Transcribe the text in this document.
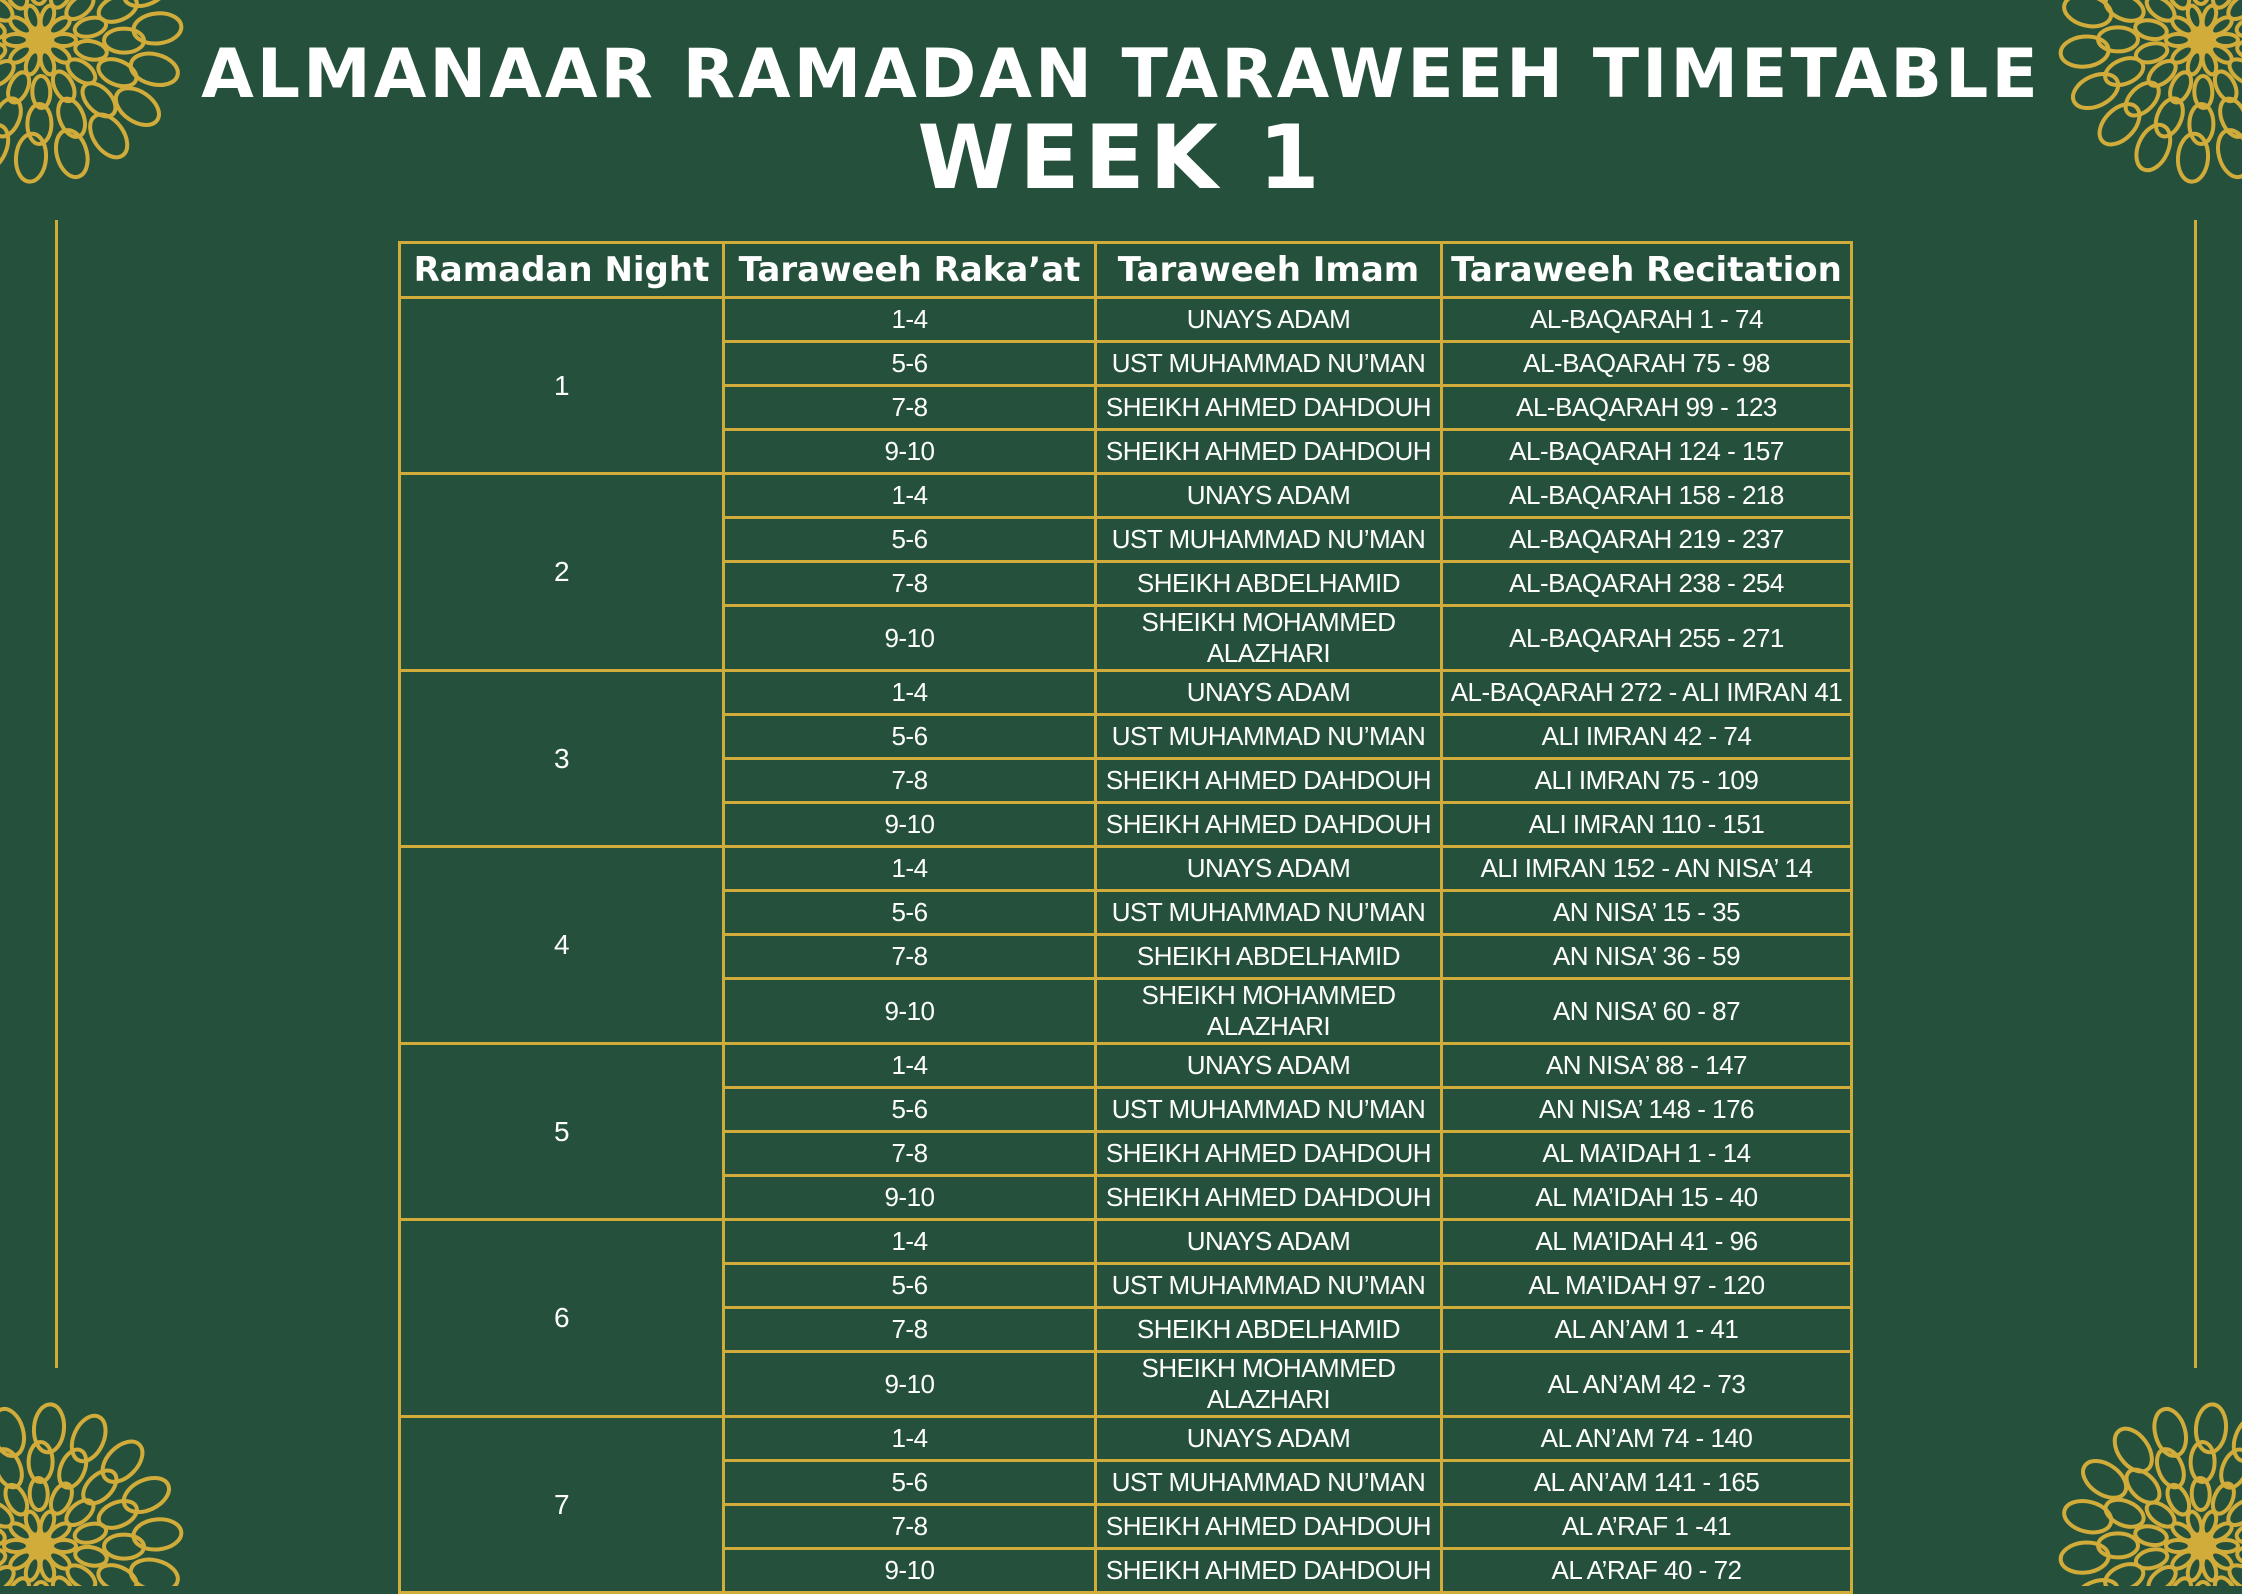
ALMANAAR RAMADAN TARAWEEH TIMETABLE
WEEK 1
Ramadan Night	Taraweeh Raka’at	Taraweeh Imam	Taraweeh Recitation
1	1-4	UNAYS ADAM	AL-BAQARAH 1 - 74
	5-6	UST MUHAMMAD NU’MAN	AL-BAQARAH 75 - 98
	7-8	SHEIKH AHMED DAHDOUH	AL-BAQARAH 99 - 123
	9-10	SHEIKH AHMED DAHDOUH	AL-BAQARAH 124 - 157
2	1-4	UNAYS ADAM	AL-BAQARAH 158 - 218
	5-6	UST MUHAMMAD NU’MAN	AL-BAQARAH 219 - 237
	7-8	SHEIKH ABDELHAMID	AL-BAQARAH 238 - 254
	9-10	SHEIKH MOHAMMED ALAZHARI	AL-BAQARAH 255 - 271
3	1-4	UNAYS ADAM	AL-BAQARAH 272 - ALI IMRAN 41
	5-6	UST MUHAMMAD NU’MAN	ALI IMRAN 42 - 74
	7-8	SHEIKH AHMED DAHDOUH	ALI IMRAN 75 - 109
	9-10	SHEIKH AHMED DAHDOUH	ALI IMRAN 110 - 151
4	1-4	UNAYS ADAM	ALI IMRAN 152 - AN NISA’ 14
	5-6	UST MUHAMMAD NU’MAN	AN NISA’ 15 - 35
	7-8	SHEIKH ABDELHAMID	AN NISA’ 36 - 59
	9-10	SHEIKH MOHAMMED ALAZHARI	AN NISA’ 60 - 87
5	1-4	UNAYS ADAM	AN NISA’ 88 - 147
	5-6	UST MUHAMMAD NU’MAN	AN NISA’ 148 - 176
	7-8	SHEIKH AHMED DAHDOUH	AL MA’IDAH 1 - 14
	9-10	SHEIKH AHMED DAHDOUH	AL MA’IDAH 15 - 40
6	1-4	UNAYS ADAM	AL MA’IDAH 41 - 96
	5-6	UST MUHAMMAD NU’MAN	AL MA’IDAH 97 - 120
	7-8	SHEIKH ABDELHAMID	AL AN’AM 1 - 41
	9-10	SHEIKH MOHAMMED ALAZHARI	AL AN’AM 42 - 73
7	1-4	UNAYS ADAM	AL AN’AM 74 - 140
	5-6	UST MUHAMMAD NU’MAN	AL AN’AM 141 - 165
	7-8	SHEIKH AHMED DAHDOUH	AL A’RAF 1 -41
	9-10	SHEIKH AHMED DAHDOUH	AL A’RAF 40 - 72
